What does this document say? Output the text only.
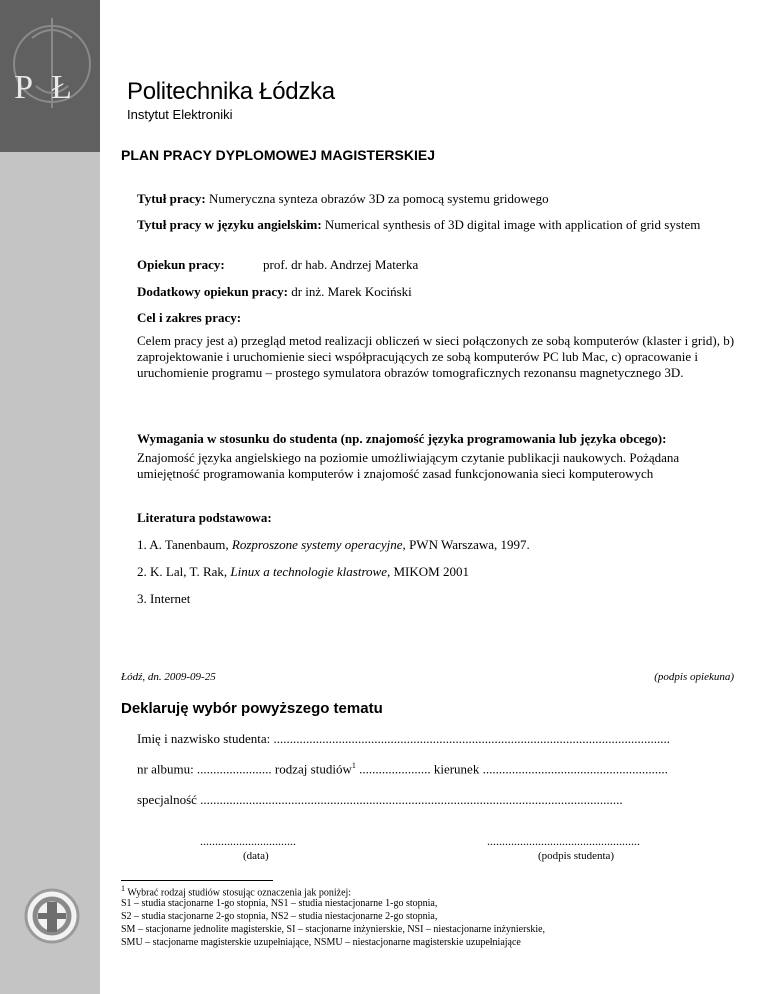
PŁ Politechnika Łódzka
Instytut Elektroniki
PLAN PRACY DYPLOMOWEJ MAGISTERSKIEJ
Tytuł pracy: Numeryczna synteza obrazów 3D za pomocą systemu gridowego
Tytuł pracy w języku angielskim: Numerical synthesis of 3D digital image with application of grid system
Opiekun pracy:	prof. dr hab. Andrzej Materka
Dodatkowy opiekun pracy: dr inż. Marek Kociński
Cel i zakres pracy:
Celem pracy jest a) przegląd metod realizacji obliczeń w sieci połączonych ze sobą komputerów (klaster i grid), b) zaprojektowanie i uruchomienie sieci współpracujących ze sobą komputerów PC lub Mac, c) opracowanie i uruchomienie programu – prostego symulatora obrazów tomograficznych rezonansu magnetycznego 3D.
Wymagania w stosunku do studenta (np. znajomość języka programowania lub języka obcego):
Znajomość języka angielskiego na poziomie umożliwiającym czytanie publikacji naukowych. Pożądana umiejętność programowania komputerów i znajomość zasad funkcjonowania sieci komputerowych
Literatura podstawowa:
1. A. Tanenbaum, Rozproszone systemy operacyjne, PWN Warszawa, 1997.
2. K. Lal, T. Rak, Linux a technologie klastrowe, MIKOM 2001
3. Internet
Łódź, dn. 2009-09-25	(podpis opiekuna)
Deklaruję wybór powyższego tematu
Imię i nazwisko studenta: ..........................................................................................................................
nr albumu: ....................... rodzaj studiów$^1$ ...................... kierunek .........................................................
specjalność ..................................................................................................................................
................................
(data)
...................................................
(podpis studenta)
$^1$ Wybrać rodzaj studiów stosując oznaczenia jak poniżej:
S1 – studia stacjonarne 1-go stopnia, NS1 – studia niestacjonarne 1-go stopnia,
S2 – studia stacjonarne 2-go stopnia, NS2 – studia niestacjonarne 2-go stopnia,
SM – stacjonarne jednolite magisterskie, SI – stacjonarne inżynierskie, NSI – niestacjonarne inżynierskie,
SMU – stacjonarne magisterskie uzupełniające, NSMU – niestacjonarne magisterskie uzupełniające
